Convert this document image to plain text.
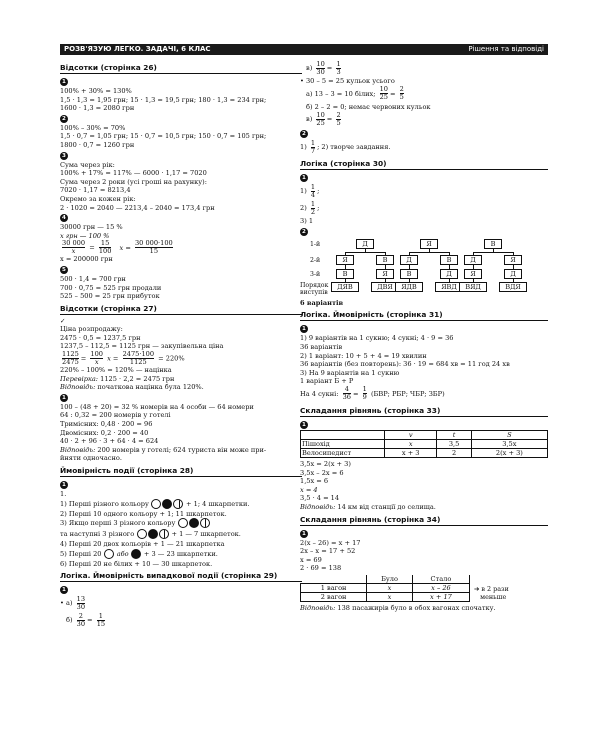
РОЗВ'ЯЗУЮ ЛЕГКО. ЗАДАЧІ, 6 КЛАС	Рішення та відповіді
Відсотки (сторінка 26)
1
100% + 30% = 130%
1,5 · 1,3 = 1,95 грн; 15 · 1,3 = 19,5 грн; 180 · 1,3 = 234 грн;
1600 · 1,3 = 2080 грн
2
100% – 30% = 70%
1,5 · 0,7 = 1,05 грн; 15 · 0,7 = 10,5 грн; 150 · 0,7 = 105 грн;
1800 · 0,7 = 1260 грн
3
Сума через рік:
100% + 17% = 117% — 6000 · 1,17 = 7020
Сума через 2 роки (усі гроші на рахунку):
7020 · 1,17 = 8213,4
Окремо за кожен рік:
2 · 1020 = 2040 — 2213,4 – 2040 = 173,4 грн
4
30000 грн — 15 %
x грн — 100 %
$\frac{30 000}{x} = \frac{15}{100}$ $x = \frac{30 000\cdot 100}{15}$
x = 200000 грн
5
500 · 1,4 = 700 грн
700 · 0,75 = 525 грн продали
525 – 500 = 25 грн прибуток
Відсотки (сторінка 27)
✓
Ціна розпродажу:
2475 · 0,5 = 1237,5 грн
1237,5 – 112,5 = 1125 грн — закупівельна ціна
$\frac{1125}{2475} = \frac{100}{x}$ $x = \frac{2475\cdot 100}{1125} = 220\%$
220% – 100% = 120% — націнка
Перевірка: 1125 · 2,2 = 2475 грн
Відповідь: початкова націнка була 120%.
1
100 – (48 + 20) = 32 % номерів на 4 особи — 64 номери
64 : 0,32 = 200 номерів у готелі
Тримісних: 0,48 · 200 = 96
Двомісних: 0,2 · 200 = 40
40 · 2 + 96 · 3 + 64 · 4 = 624
Відповідь: 200 номерів у готелі; 624 туриста він може при-
йняти одночасно.
Ймовірність події (сторінка 28)
1
1.
1) Перші різного кольору	+ 1; 4 шкарпетки.
2) Перші 10 одного кольору + 1; 11 шкарпеток.
3) Якщо перші 3 різного кольору
та наступні 3 різного	+ 1 — 7 шкарпеток.
4) Перші 20 двох кольорів + 1 — 21 шкарпетка
5) Перші 20 або + 3 — 23 шкарпетки.
6) Перші 20 не білих + 10 — 30 шкарпеток.
Логіка. Ймовірність випадкової події (сторінка 29)
1
• $а) \frac{13}{30}$
$б) \frac{2}{30} = \frac{1}{15}$
$в) \frac{10}{30} = \frac{1}{3}$
• 30 – 5 = 25 кульок усього
а) 13 – 3 = 10 білих; $\frac{10}{25} = \frac{2}{5}$
б) 2 – 2 = 0; немає червоних кульок
$в) \frac{10}{25} = \frac{2}{5}$
2
$1) \frac{1}{7}$ ; 2) творче завдання.
Логіка (сторінка 30)
1
$1) \frac{1}{4}$ ;
$2) \frac{1}{2}$ ;
3) 1
2
1-й
2-й
3-й
Порядок
виступів
Д	Я	В
Я
В
ДЯВ
В
Я
ДВЯ
Д
В
ЯДВ
В
Д
ЯВД
Д
Я
ВЯД
Я
Д
ВДЯ
6 варіантів
Логіка. Ймовірність (сторінка 31)
1
1) 9 варіантів на 1 сукню; 4 сукні; 4 · 9 = 36
36 варіантів
2) 1 варіант: 10 + 5 + 4 = 19 хвилин
36 варіантів (без повторень): 36 · 19 = 684 хв = 11 год 24 хв
3) На 9 варіантів на 1 сукню
1 варіант Б + Р
На 4 сукні: $\frac{4}{36} = \frac{1}{9} (БВР$; РБР; ЧБР; ЗБР)
Складання рівнянь (сторінка 33)
1
	v	t	S
Пішохід	x	3,5	3,5x
Велосипедист	x + 3	2	2(x + 3)
3,5x = 2(x + 3)
3,5x – 2x = 6
1,5x = 6
x = 4
3,5 · 4 = 14
Відповідь: 14 км від станції до селища.
Складання рівнянь (сторінка 34)
1
2(x – 26) = x + 17
2x – x = 17 + 52
x = 69
2 · 69 = 138
	Було	Стало
1 вагон	x	x – 26
2 вагон	x	x + 17
➔ в 2 рази
меньше
Відповідь: 138 пасажирів було в обох вагонах спочатку.
